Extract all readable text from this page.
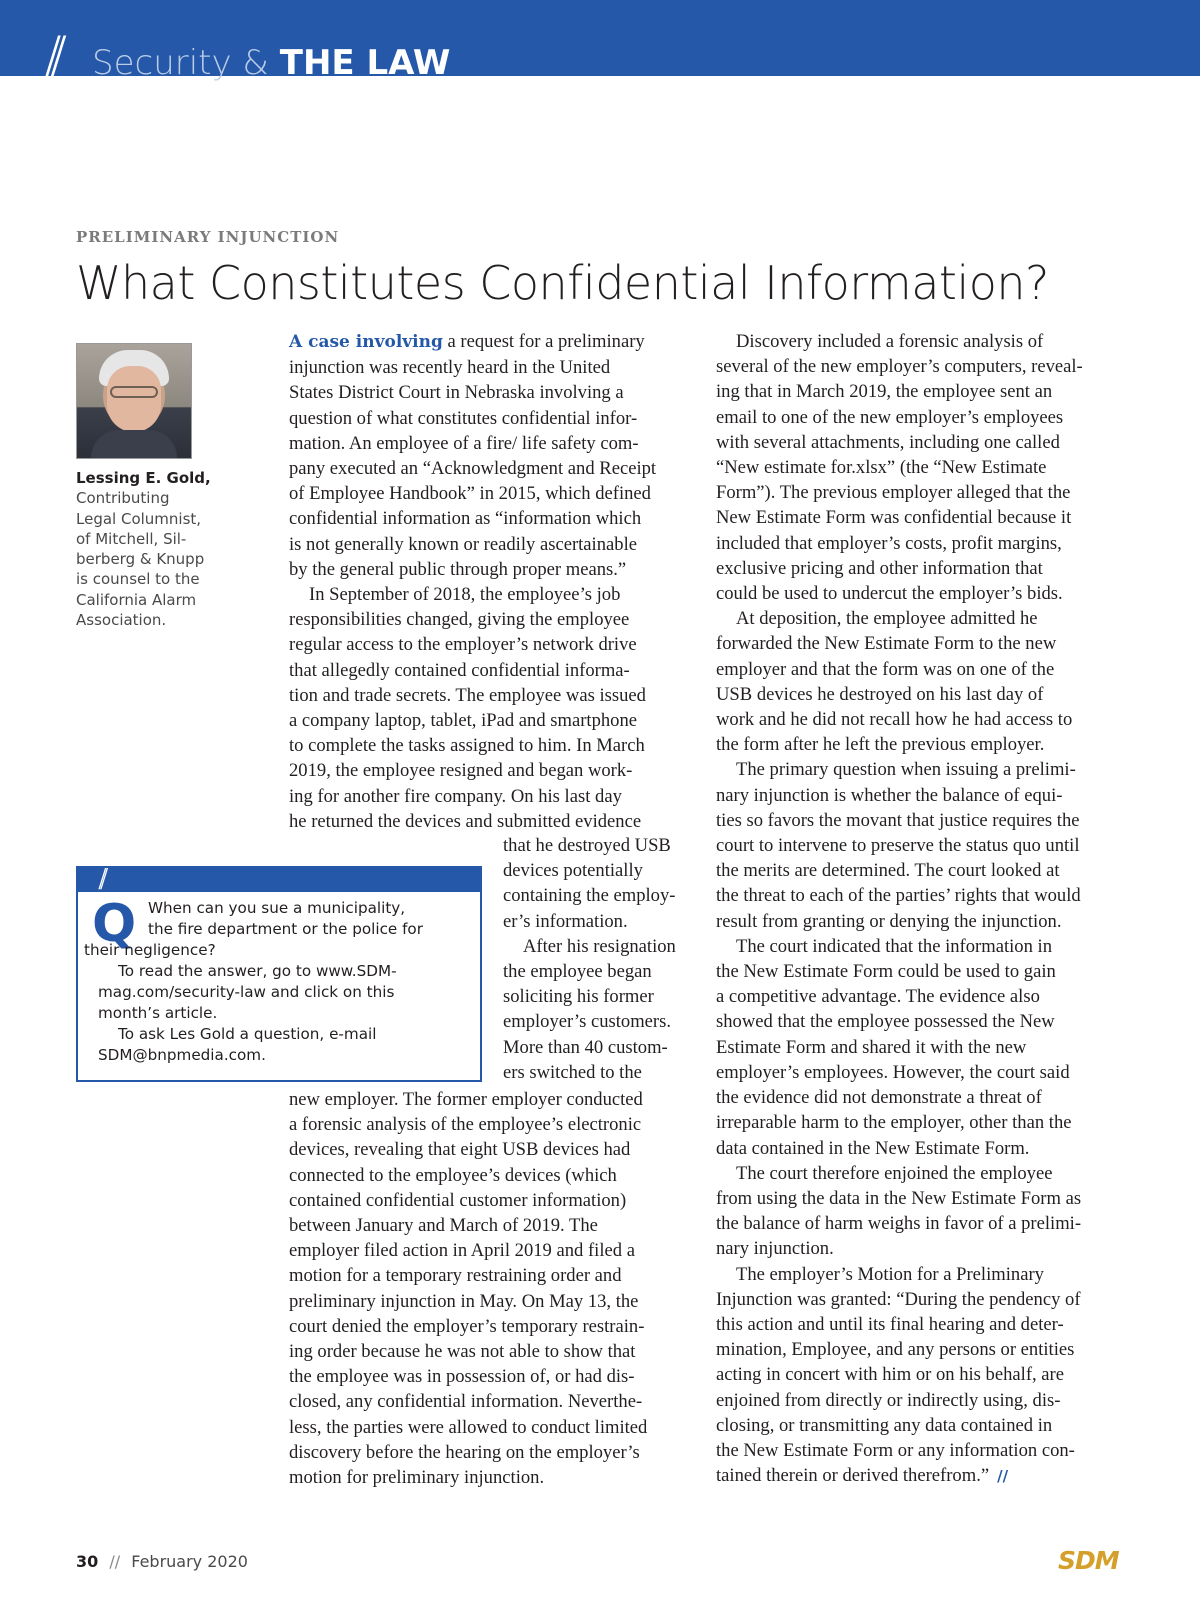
// Security & THE LAW
PRELIMINARY INJUNCTION
What Constitutes Confidential Information?
Lessing E. Gold,
Contributing
Legal Columnist,
of Mitchell, Sil-
berberg & Knupp
is counsel to the
California Alarm
Association.
A case involving a request for a preliminary
injunction was recently heard in the United
States District Court in Nebraska involving a
question of what constitutes confidential infor-
mation. An employee of a fire/ life safety com-
pany executed an “Acknowledgment and Receipt
of Employee Handbook” in 2015, which defined
confidential information as “information which
is not generally known or readily ascertainable
by the general public through proper means.”
In September of 2018, the employee’s job
responsibilities changed, giving the employee
regular access to the employer’s network drive
that allegedly contained confidential informa-
tion and trade secrets. The employee was issued
a company laptop, tablet, iPad and smartphone
to complete the tasks assigned to him. In March
2019, the employee resigned and began work-
ing for another fire company. On his last day
he returned the devices and submitted evidence
that he destroyed USB
devices potentially
containing the employ-
er’s information.
After his resignation
the employee began
soliciting his former
employer’s customers.
More than 40 custom-
ers switched to the
new employer. The former employer conducted
a forensic analysis of the employee’s electronic
devices, revealing that eight USB devices had
connected to the employee’s devices (which
contained confidential customer information)
between January and March of 2019. The
employer filed action in April 2019 and filed a
motion for a temporary restraining order and
preliminary injunction in May. On May 13, the
court denied the employer’s temporary restrain-
ing order because he was not able to show that
the employee was in possession of, or had dis-
closed, any confidential information. Neverthe-
less, the parties were allowed to conduct limited
discovery before the hearing on the employer’s
motion for preliminary injunction.
Discovery included a forensic analysis of
several of the new employer’s computers, reveal-
ing that in March 2019, the employee sent an
email to one of the new employer’s employees
with several attachments, including one called
“New estimate for.xlsx” (the “New Estimate
Form”). The previous employer alleged that the
New Estimate Form was confidential because it
included that employer’s costs, profit margins,
exclusive pricing and other information that
could be used to undercut the employer’s bids.
At deposition, the employee admitted he
forwarded the New Estimate Form to the new
employer and that the form was on one of the
USB devices he destroyed on his last day of
work and he did not recall how he had access to
the form after he left the previous employer.
The primary question when issuing a prelimi-
nary injunction is whether the balance of equi-
ties so favors the movant that justice requires the
court to intervene to preserve the status quo until
the merits are determined. The court looked at
the threat to each of the parties’ rights that would
result from granting or denying the injunction.
The court indicated that the information in
the New Estimate Form could be used to gain
a competitive advantage. The evidence also
showed that the employee possessed the New
Estimate Form and shared it with the new
employer’s employees. However, the court said
the evidence did not demonstrate a threat of
irreparable harm to the employer, other than the
data contained in the New Estimate Form.
The court therefore enjoined the employee
from using the data in the New Estimate Form as
the balance of harm weighs in favor of a prelimi-
nary injunction.
The employer’s Motion for a Preliminary
Injunction was granted: “During the pendency of
this action and until its final hearing and deter-
mination, Employee, and any persons or entities
acting in concert with him or on his behalf, are
enjoined from directly or indirectly using, dis-
closing, or transmitting any data contained in
the New Estimate Form or any information con-
tained therein or derived therefrom.” //
//
Q When can you sue a municipality,
the fire department or the police for
their negligence?
To read the answer, go to www.SDM-
mag.com/security-law and click on this
month’s article.
To ask Les Gold a question, e-mail
SDM@bnpmedia.com.
30 // February 2020	SDM
